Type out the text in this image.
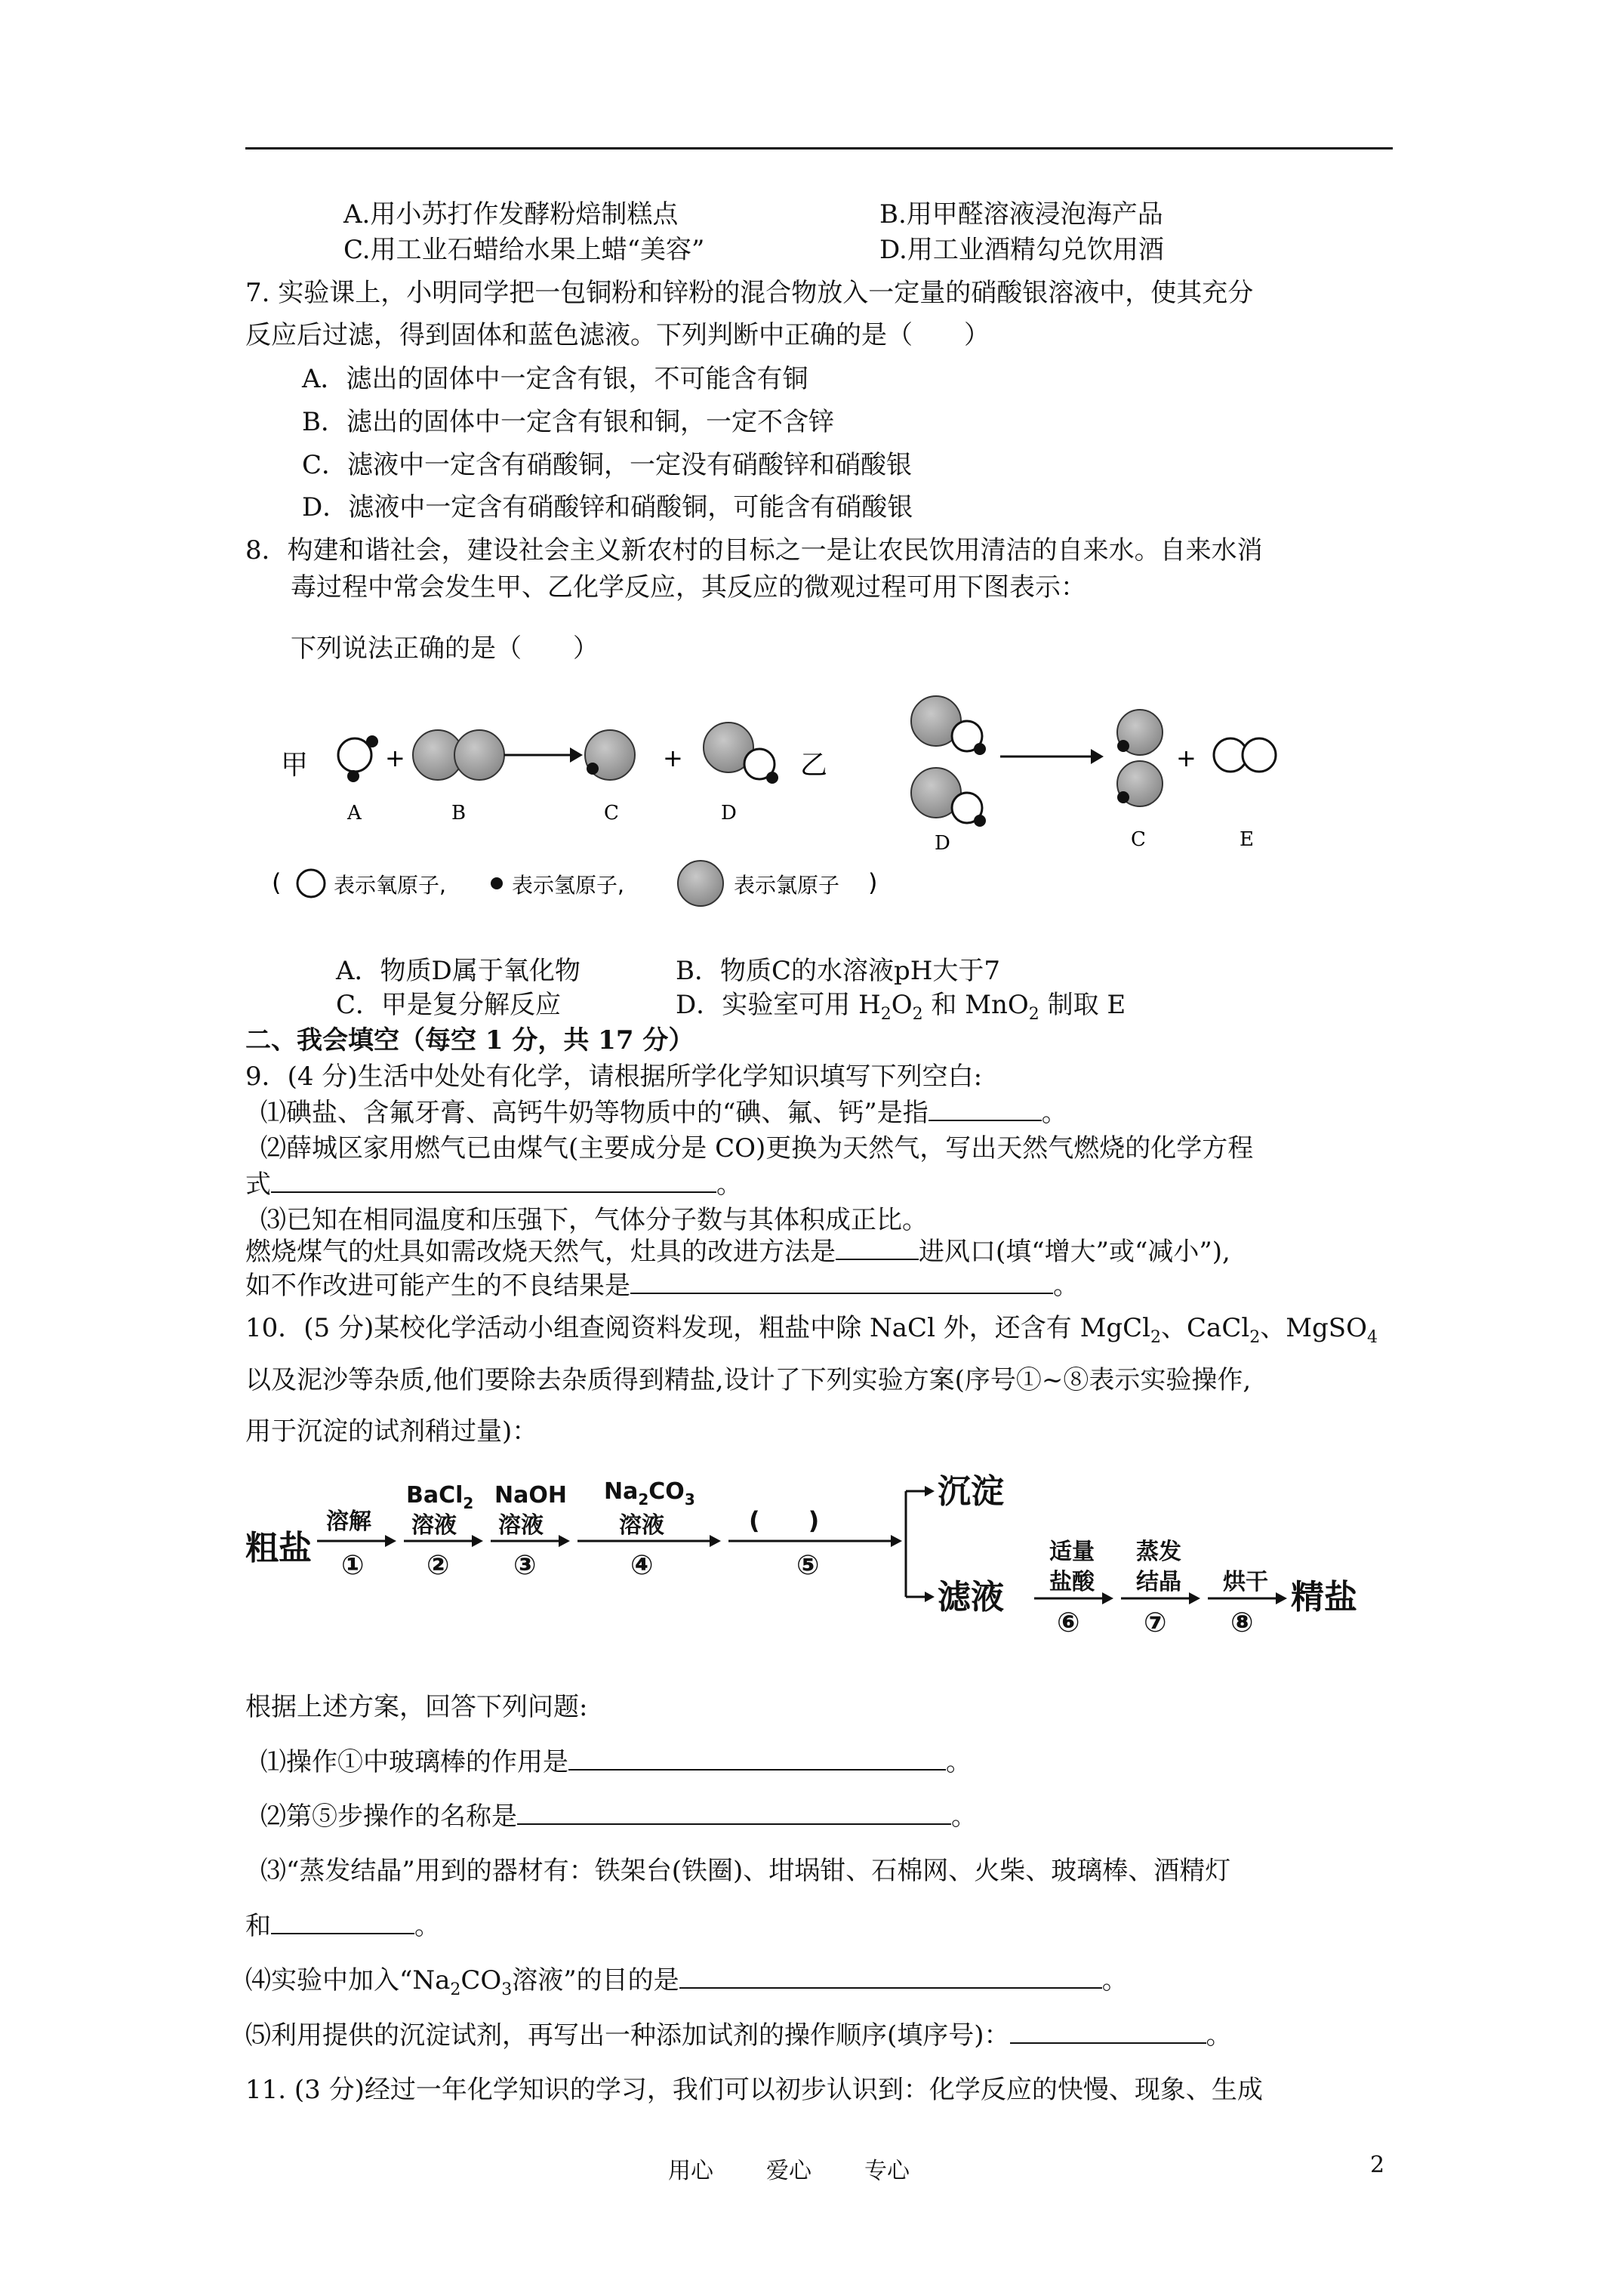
A.用小苏打作发酵粉焙制糕点	B.用甲醛溶液浸泡海产品
C.用工业石蜡给水果上蜡“美容”	D.用工业酒精勾兑饮用酒
7. 实验课上，小明同学把一包铜粉和锌粉的混合物放入一定量的硝酸银溶液中，使其充分
反应后过滤，得到固体和蓝色滤液。下列判断中正确的是（　　）
A．滤出的固体中一定含有银，不可能含有铜
B．滤出的固体中一定含有银和铜，一定不含锌
C．滤液中一定含有硝酸铜，一定没有硝酸锌和硝酸银
D．滤液中一定含有硝酸锌和硝酸铜，可能含有硝酸银
8．构建和谐社会，建设社会主义新农村的目标之一是让农民饮用清洁的自来水。自来水消
毒过程中常会发生甲、乙化学反应，其反应的微观过程可用下图表示：
下列说法正确的是（　　）
甲
A
+
B	C
+
D
乙
D	C
+
E
( 表示氧原子,	表示氢原子,	表示氯原子 )
A．物质D属于氧化物	B．物质C的水溶液pH大于7
C．甲是复分解反应	D．实验室可用 $H_2O_2$ 和 MnO$_2$ 制取 E
二、我会填空（每空 1 分，共 17 分）
9．(4 分)生活中处处有化学，请根据所学化学知识填写下列空白:
⑴碘盐、含氟牙膏、高钙牛奶等物质中的“碘、氟、钙”是指	。
⑵薛城区家用燃气已由煤气(主要成分是 CO)更换为天然气，写出天然气燃烧的化学方程
式	。
⑶已知在相同温度和压强下，气体分子数与其体积成正比。
燃烧煤气的灶具如需改烧天然气，灶具的改进方法是	进风口(填“增大”或“减小”),
如不作改进可能产生的不良结果是	。
10．(5 分)某校化学活动小组查阅资料发现，粗盐中除 NaCl 外，还含有 MgCl$_2$、CaCl$_2$、MgSO$_4$
以及泥沙等杂质,他们要除去杂质得到精盐,设计了下列实验方案(序号①~⑧表示实验操作,
用于沉淀的试剂稍过量)：
粗盐
溶解
①
BaCl$_2$
溶液
②
NaOH
溶液
③
$Na_2CO_3$
溶液
④
(　　)
⑤
沉淀
滤液
适量
盐酸
⑥
蒸发
结晶
⑦
烘干
⑧
精盐
根据上述方案，回答下列问题:
⑴操作①中玻璃棒的作用是	。
⑵第⑤步操作的名称是	。
⑶“蒸发结晶”用到的器材有：铁架台(铁圈)、坩埚钳、石棉网、火柴、玻璃棒、酒精灯
和	。
⑷实验中加入“$Na_2CO_3$溶液”的目的是	。
⑸利用提供的沉淀试剂，再写出一种添加试剂的操作顺序(填序号)：	。
11. (3 分)经过一年化学知识的学习，我们可以初步认识到：化学反应的快慢、现象、生成
用心 爱心 专心	2
